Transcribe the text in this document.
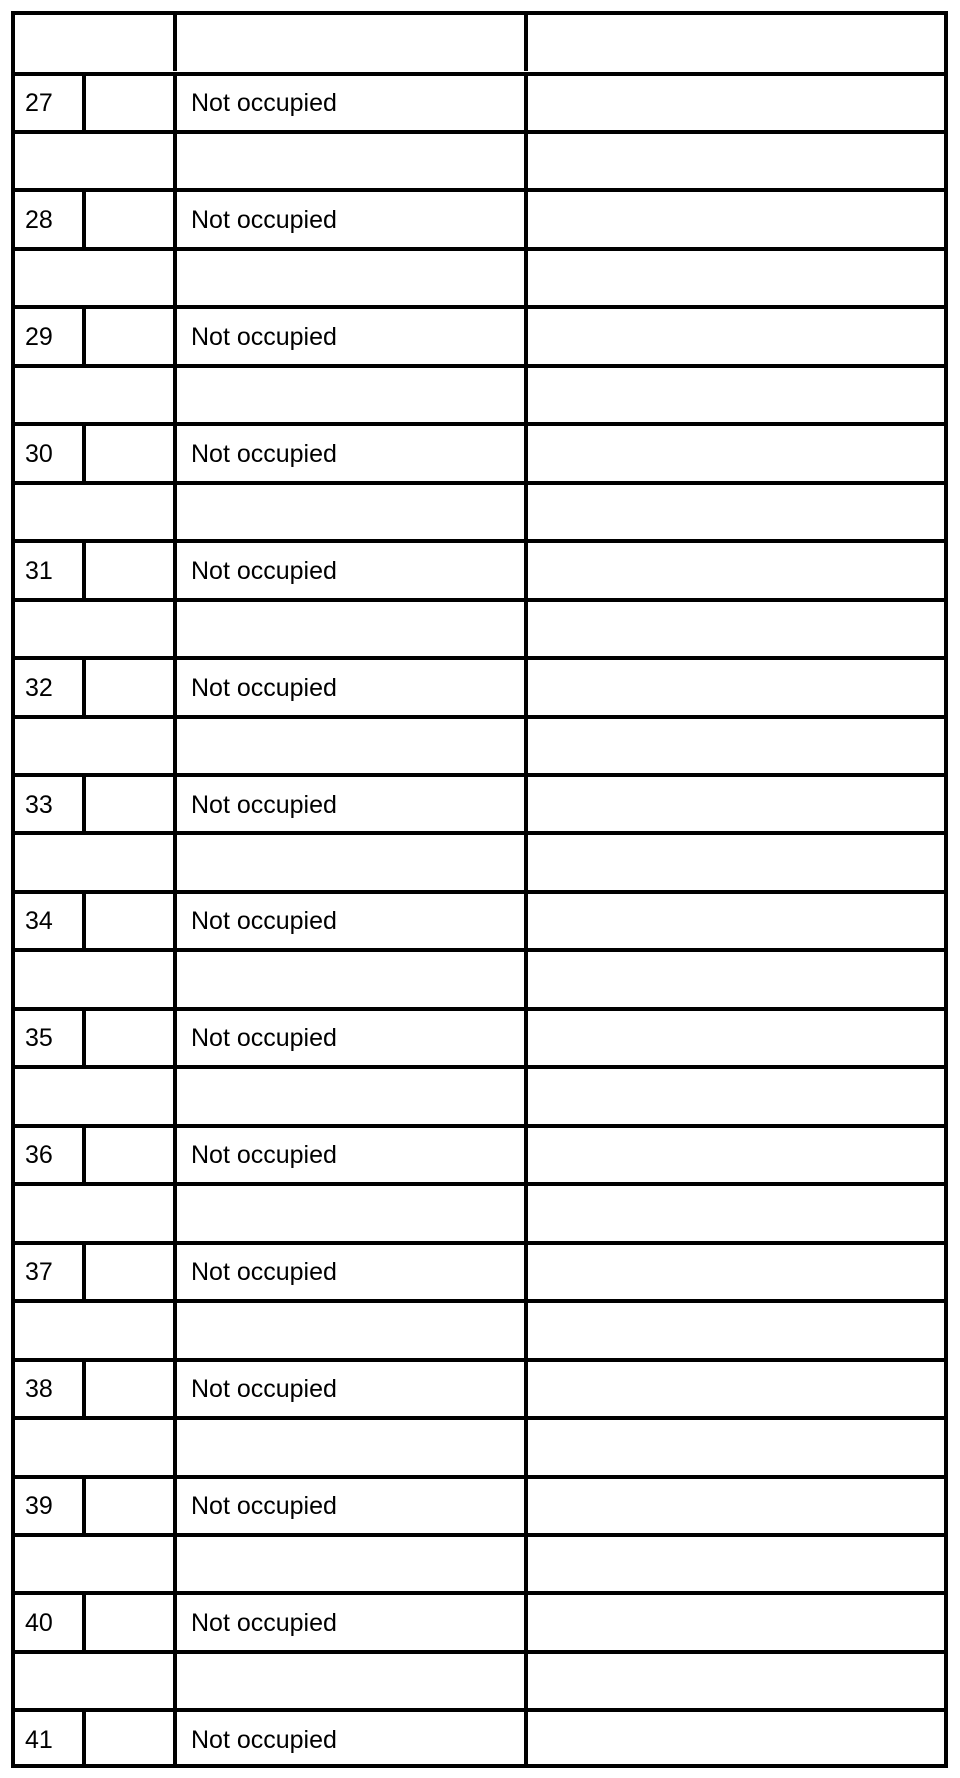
27	Not occupied
28	Not occupied
29	Not occupied
30	Not occupied
31	Not occupied
32	Not occupied
33	Not occupied
34	Not occupied
35	Not occupied
36	Not occupied
37	Not occupied
38	Not occupied
39	Not occupied
40	Not occupied
41	Not occupied
